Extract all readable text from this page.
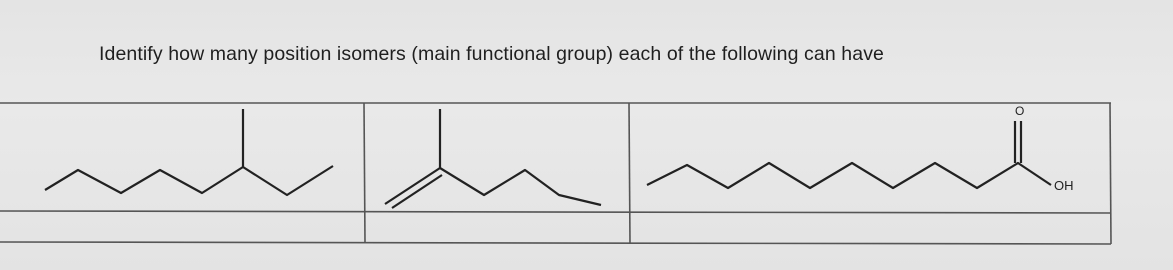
Identify how many position isomers (main functional group) each of the following can have
O
OH
